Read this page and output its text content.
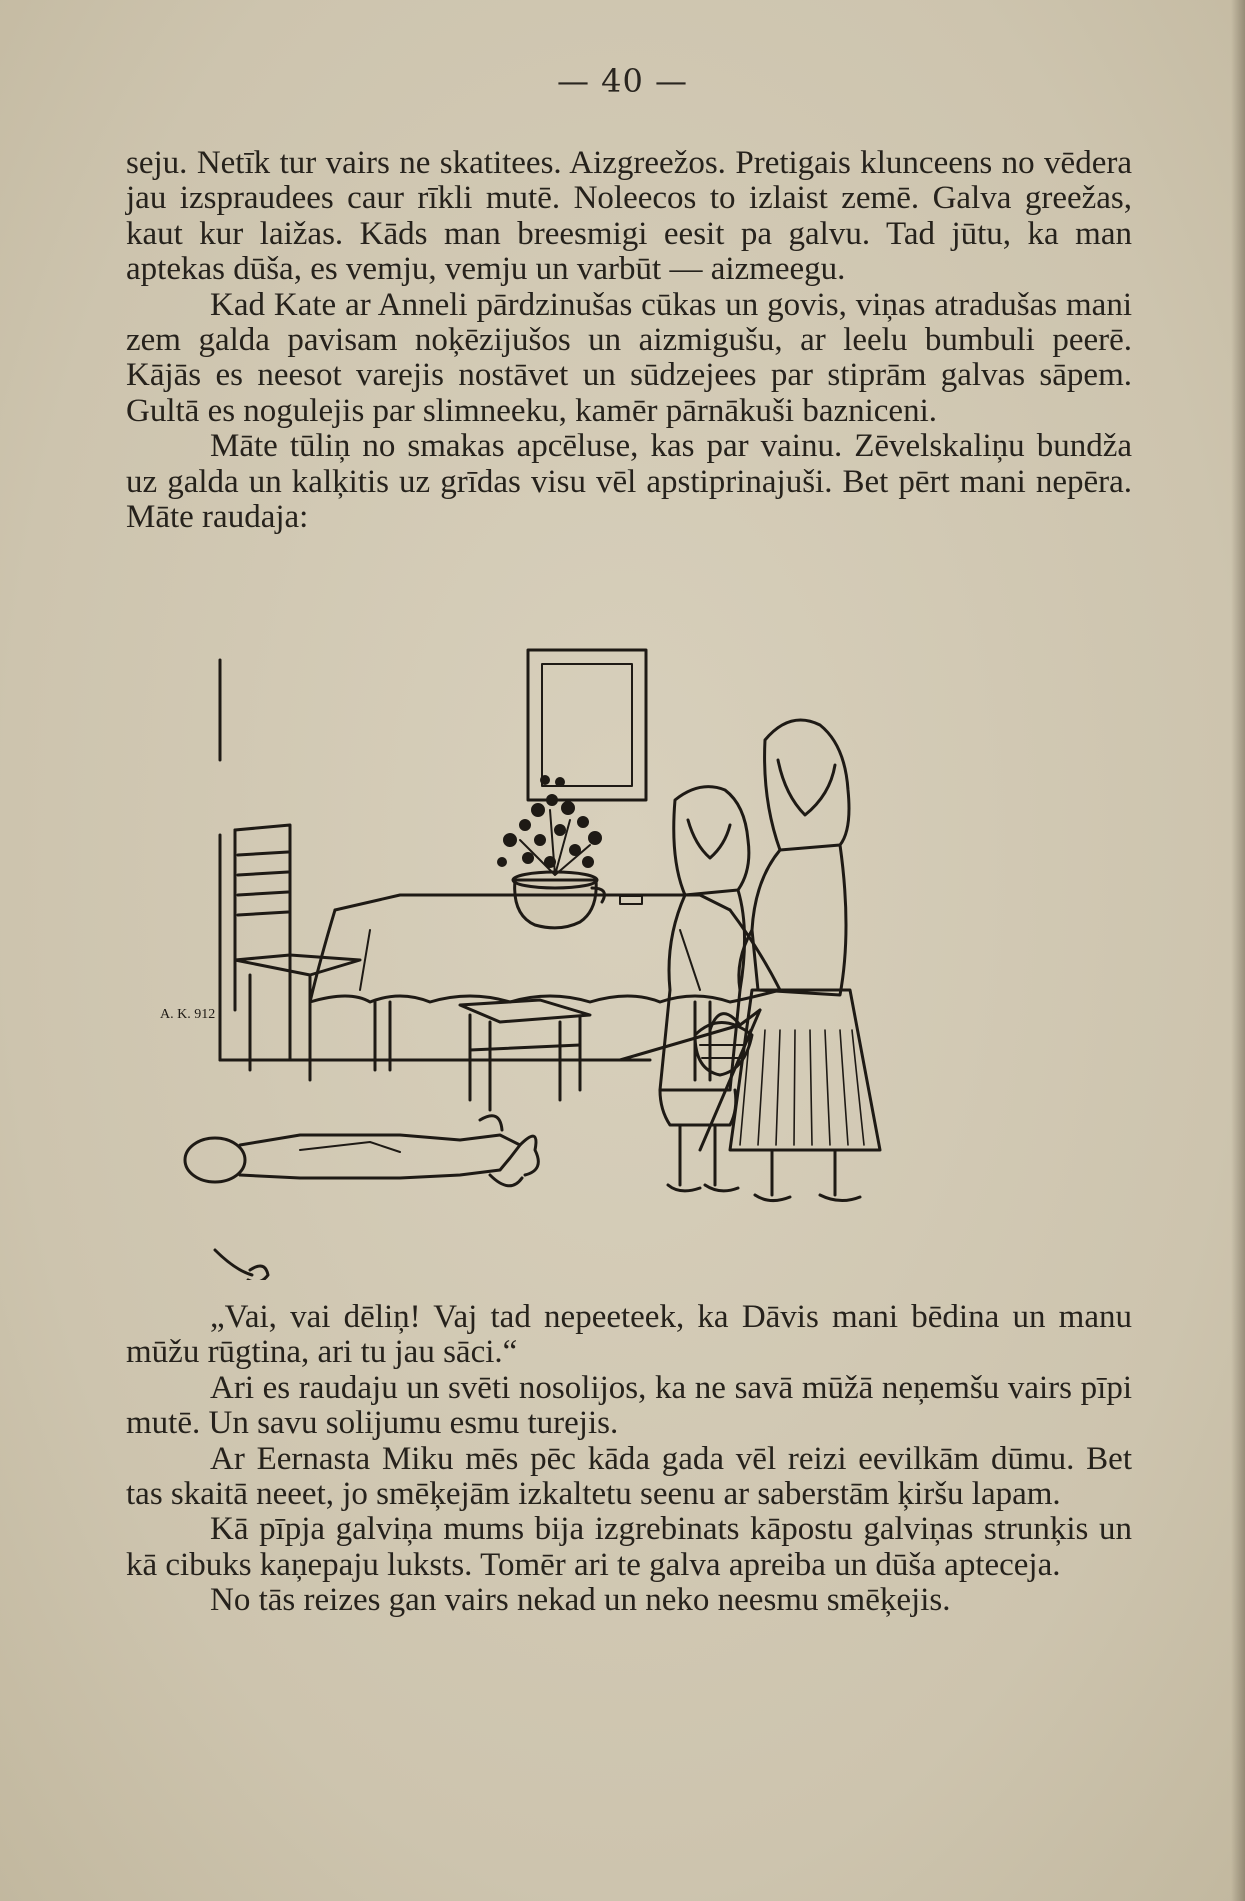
— 40 —

seju. Netīk tur vairs ne skatitees. Aizgreežos. Pretigais klunceens no vēdera jau izspraudees caur rīkli mutē. Noleecos to izlaist zemē. Galva greežas, kaut kur laižas. Kāds man breesmigi eesit pa galvu. Tad jūtu, ka man aptekas dūša, es vemju, vemju un varbūt — aizmeegu.

Kad Kate ar Anneli pārdzinušas cūkas un govis, viņas atradušas mani zem galda pavisam noķēzijušos un aizmigušu, ar leelu bumbuli peerē. Kājās es neesot varejis nostāvet un sūdzejees par stiprām galvas sāpem. Gultā es nogulejis par slimneeku, kamēr pārnākuši bazniceni.

Māte tūliņ no smakas apcēluse, kas par vainu. Zēvelskaliņu bundža uz galda un kalķitis uz grīdas visu vēl apstiprinajuši. Bet pērt mani nepēra. Māte raudaja:

A. K. 912

„Vai, vai dēliņ! Vaj tad nepeeteek, ka Dāvis mani bēdina un manu mūžu rūgtina, ari tu jau sāci.“

Ari es raudaju un svēti nosolijos, ka ne savā mūžā neņemšu vairs pīpi mutē. Un savu solijumu esmu turejis.

Ar Eernasta Miku mēs pēc kāda gada vēl reizi eevilkām dūmu. Bet tas skaitā neeet, jo smēķejām izkaltetu seenu ar saberstām ķiršu lapam.

Kā pīpja galviņa mums bija izgrebinats kāpostu galviņas strunķis un kā cibuks kaņepaju luksts. Tomēr ari te galva apreiba un dūša apteceja.

No tās reizes gan vairs nekad un neko neesmu smēķejis.
